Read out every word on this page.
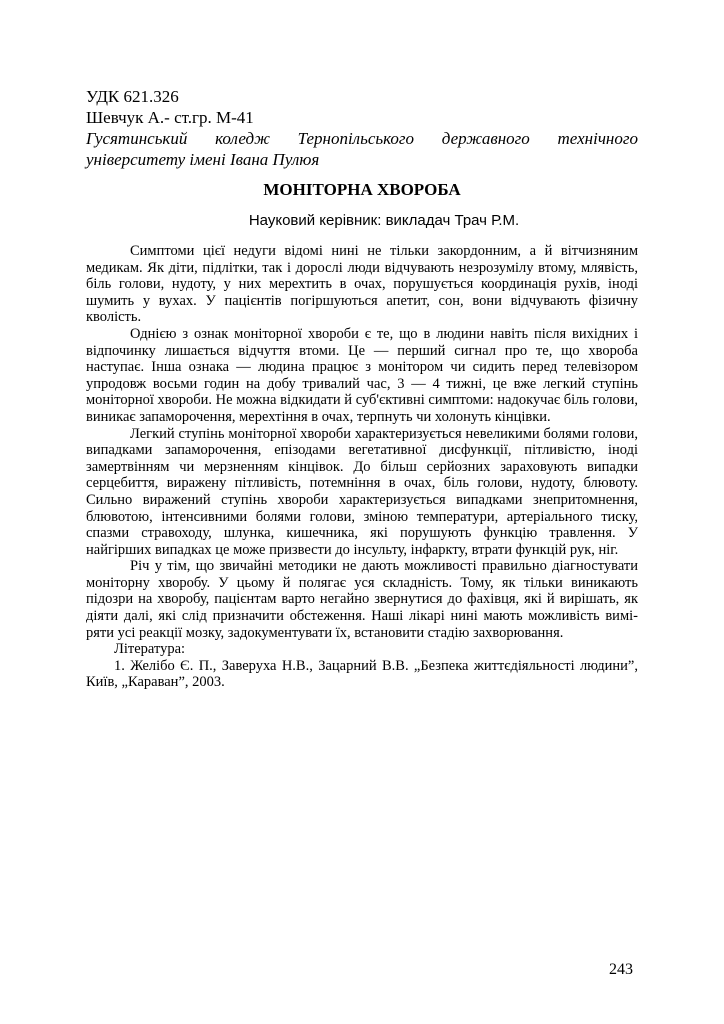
УДК 621.326
Шевчук А.- ст.гр. М-41
Гусятинський коледж Тернопільського державного технічного
університету імені Івана Пулюя
МОНІТОРНА ХВОРОБА
Науковий керівник: викладач Трач Р.М.

Симптоми цієї недуги відомі нині не тільки закордонним, а й вітчизняним медикам. Як діти, підлітки, так і дорослі люди відчувають незрозумілу втому, млявість, біль голови, нудоту, у них мерехтить в очах, порушується координація рухів, іноді шумить у вухах. У пацієнтів погіршуються апетит, сон, вони відчувають фізичну кволість.

Однією з ознак моніторної хвороби є те, що в людини навіть після вихідних і відпочинку лишається відчуття втоми. Це — перший сигнал про те, що хвороба наступає. Інша ознака — людина працює з монітором чи сидить перед телевізором упродовж восьми годин на добу тривалий час, 3 — 4 тижні, це вже легкий ступінь моніторної хвороби. Не можна відкидати й суб'єктивні симптоми: надокучає біль голови, виникає запаморочення, мерехтіння в очах, терпнуть чи холонуть кінцівки.

Легкий ступінь моніторної хвороби характеризується невеликими болями голови, випадками запаморочення, епізодами вегетативної дисфункції, пітливістю, іноді замертвінням чи мерзненням кінцівок. До більш серйозних зараховують випадки серцебиття, виражену пітливість, потемніння в очах, біль голови, нудоту, блювоту. Сильно виражений ступінь хвороби характеризується випадками знепритомнення, блювотою, інтенсивними болями голови, зміною температури, артеріального тиску, спазми стравоходу, шлунка, кишечника, які порушують функцію травлення. У найгірших випадках це може призвести до інсульту, інфаркту, втрати функцій рук, ніг.

Річ у тім, що звичайні методики не дають можливості правильно діагностувати моніторну хворобу. У цьому й полягає уся складність. Тому, як тільки виникають підозри на хворобу, пацієнтам варто негайно звернутися до фахівця, які й вирішать, як діяти далі, які слід призначити обстеження. Наші лікарі нині мають можливість виміряти усі реакції мозку, задокументувати їх, встановити стадію захворювання.

Література:

1. Желібо Є. П., Заверуха Н.В., Зацарний В.В. „Безпека життєдіяльності людини”, Київ, „Караван”, 2003.

243
